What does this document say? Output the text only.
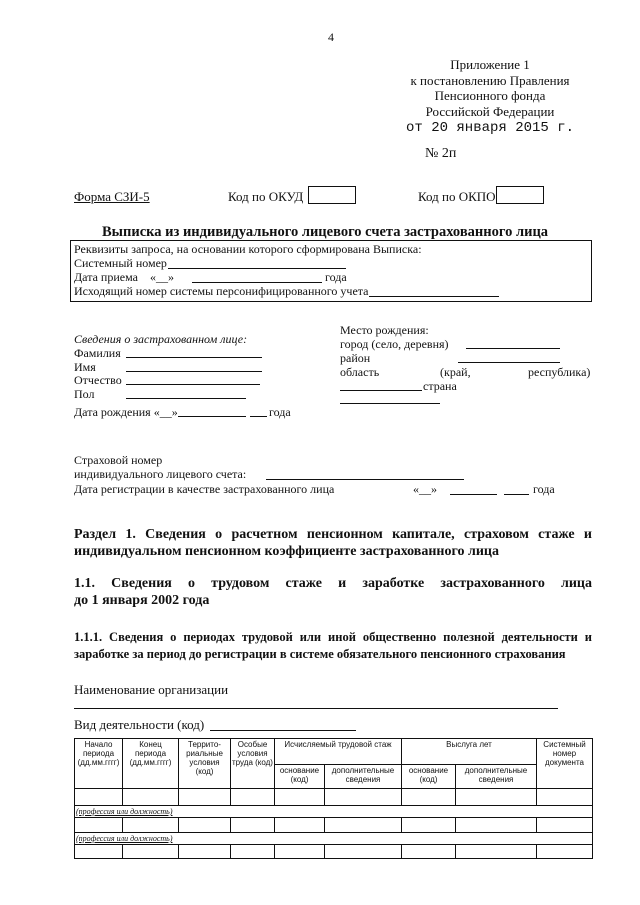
4
Приложение 1
к постановлению Правления
Пенсионного фонда
Российской Федерации
от 20 января 2015 г.
№ 2п
Форма СЗИ-5	Код по ОКУД	Код по ОКПО
Выписка из индивидуального лицевого счета застрахованного лица
Реквизиты запроса, на основании которого сформирована Выписка:
Системный номер
Дата приема «__»	года
Исходящий номер системы персонифицированного учета
Сведения о застрахованном лице:
Фамилия
Имя
Отчество
Пол
Дата рождения «__»	года
Место рождения:
город (село, деревня)
район
область	(край,	республика)
страна
Страховой номер
индивидуального лицевого счета:
Дата регистрации в качестве застрахованного лица	«__»	года
Раздел 1. Сведения о расчетном пенсионном капитале, страховом стаже и
индивидуальном пенсионном коэффициенте застрахованного лица
1.1. Сведения о трудовом стаже и заработке застрахованного лица
до 1 января 2002 года
1.1.1. Сведения о периодах трудовой или иной общественно полезной деятельности и
заработке за период до регистрации в системе обязательного пенсионного страхования
Наименование организации
Вид деятельности (код)
Начало периода (дд.мм.гггг)	Конец периода (дд.мм.гггг)	Террито-риальные условия (код)	Особые условия труда (код)	Исчисляемый трудовой стаж		Выслуга лет		Системный номер документа
				основание (код)	дополнительные сведения	основание (код)	дополнительные сведения	

(профессия или должность)								

(профессия или должность)								
